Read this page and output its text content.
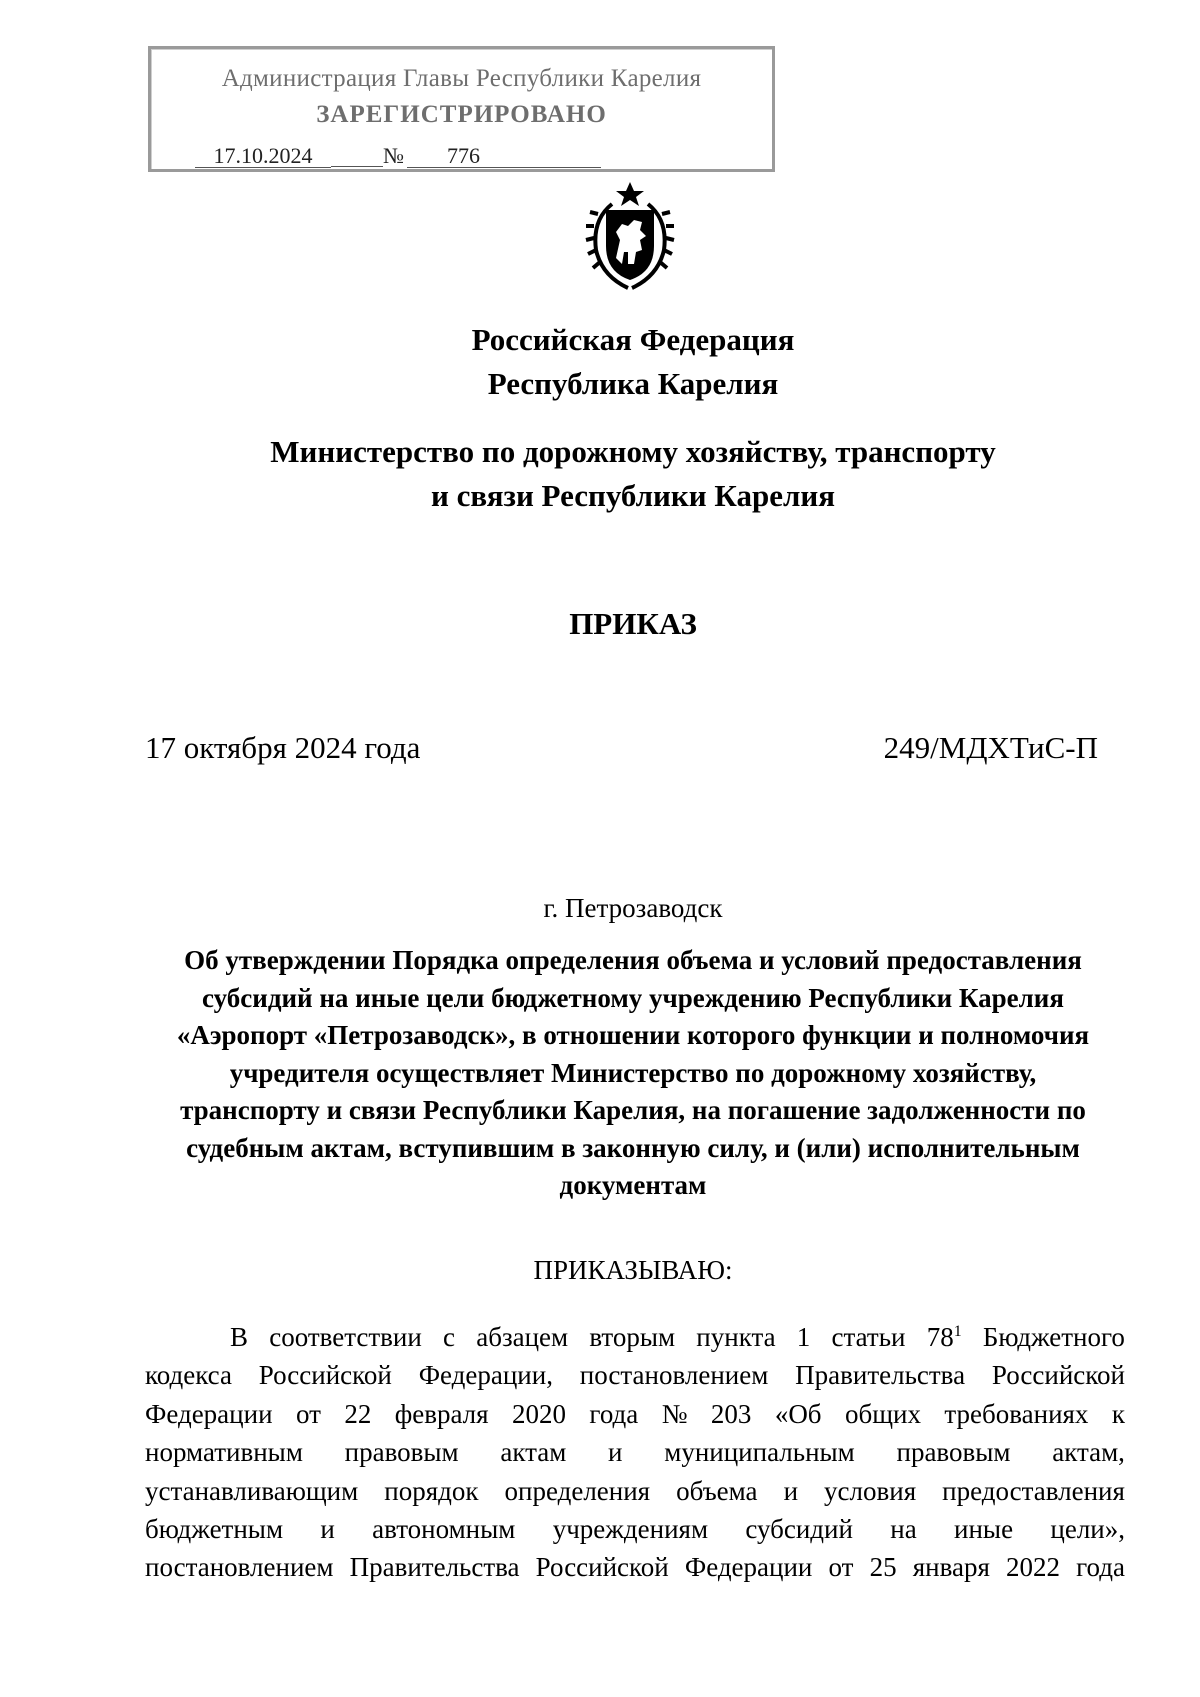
Администрация Главы Республики Карелия
ЗАРЕГИСТРИРОВАНО
17.10.2024	№	776
Российская Федерация
Республика Карелия
Министерство по дорожному хозяйству, транспорту
и связи Республики Карелия
ПРИКАЗ
17 октября 2024 года	249/МДХТиС-П
г. Петрозаводск
Об утверждении Порядка определения объема и условий предоставления
субсидий на иные цели бюджетному учреждению Республики Карелия
«Аэропорт «Петрозаводск», в отношении которого функции и полномочия
учредителя осуществляет Министерство по дорожному хозяйству,
транспорту и связи Республики Карелия, на погашение задолженности по
судебным актам, вступившим в законную силу, и (или) исполнительным
документам
ПРИКАЗЫВАЮ:
В соответствии с абзацем вторым пункта 1 статьи $78^1$ Бюджетного
кодекса Российской Федерации, постановлением Правительства Российской
Федерации от 22 февраля 2020 года № 203 «Об общих требованиях к
нормативным правовым актам и муниципальным правовым актам,
устанавливающим порядок определения объема и условия предоставления
бюджетным и автономным учреждениям субсидий на иные цели»,
постановлением Правительства Российской Федерации от 25 января 2022 года
